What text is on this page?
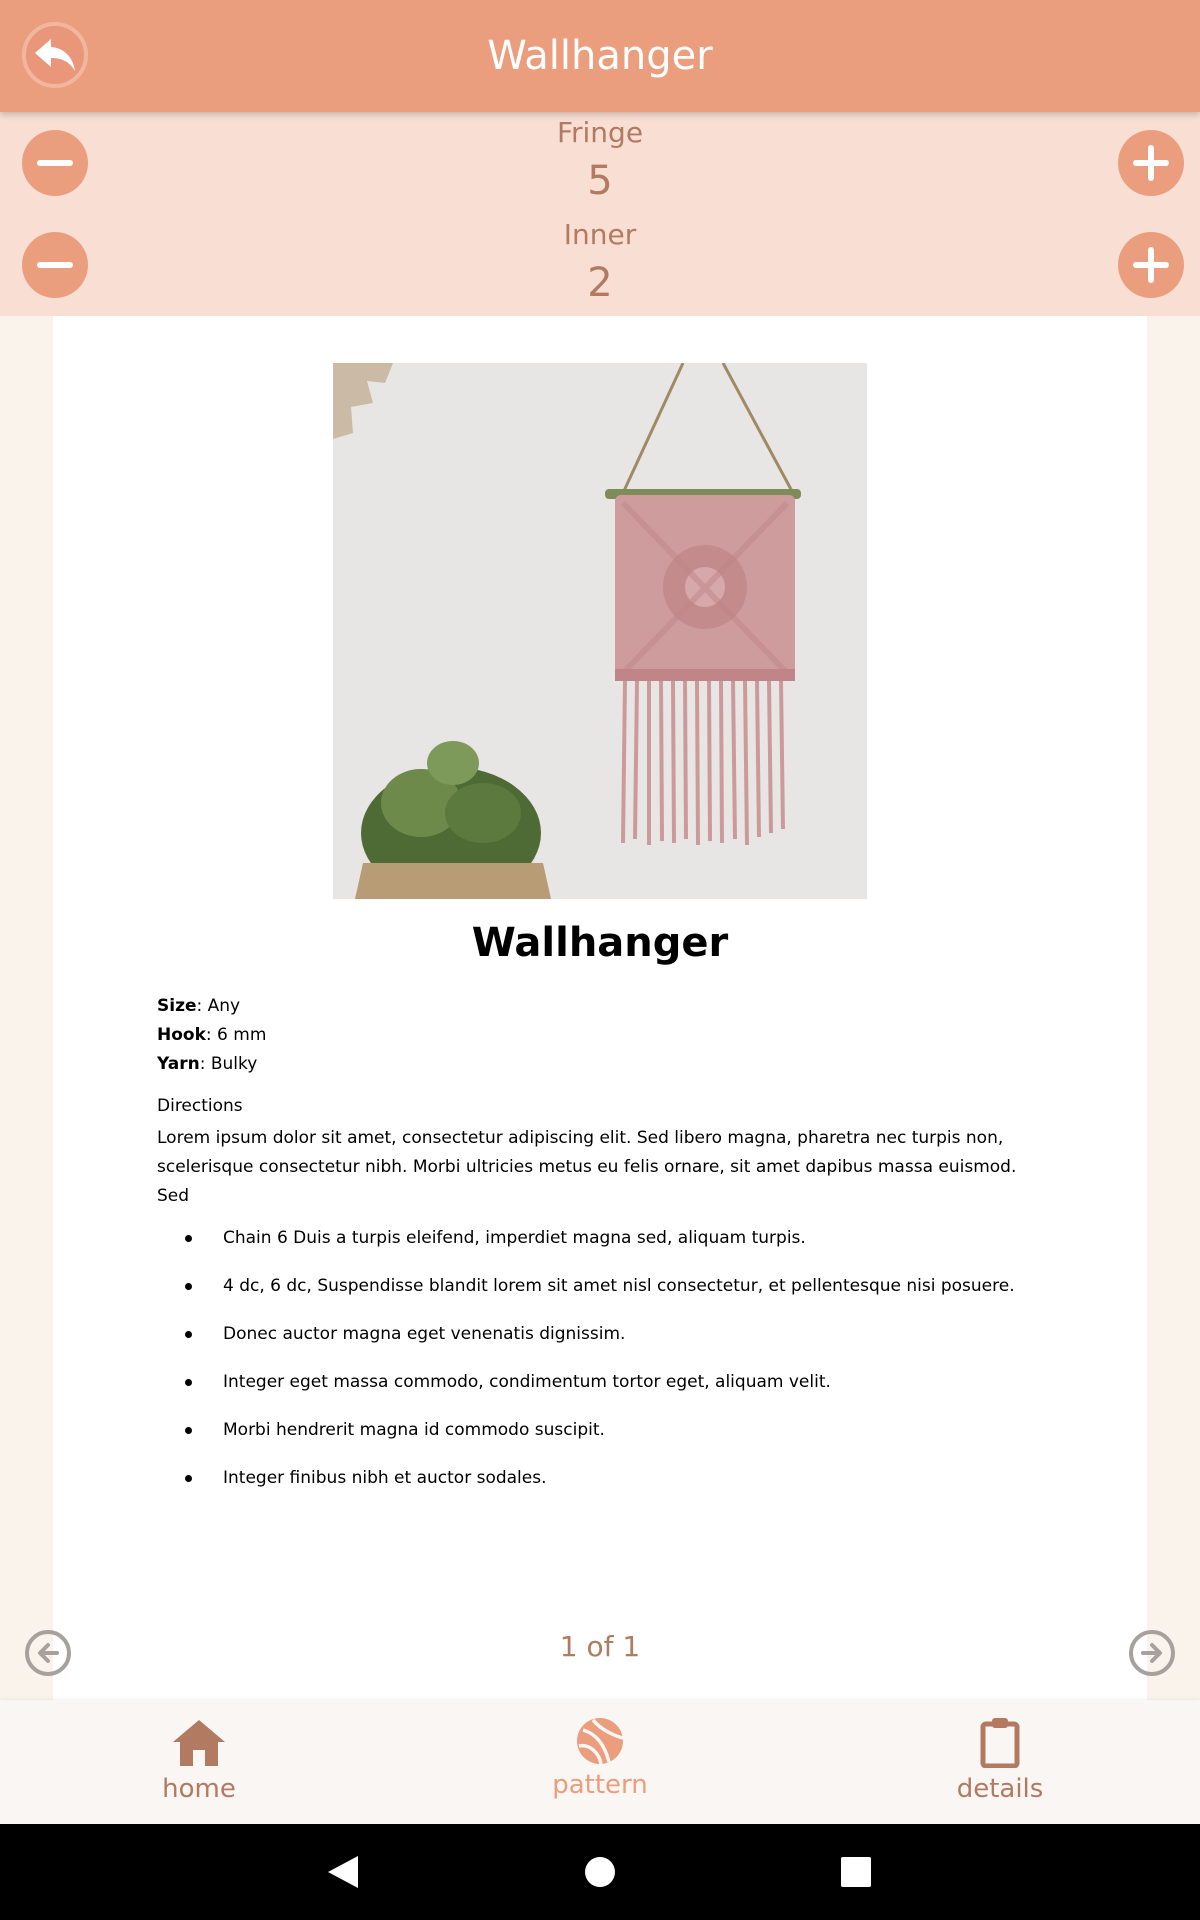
Wallhanger
Fringe
5
Inner
2
Wallhanger
Size: Any
Hook: 6 mm
Yarn: Bulky
Directions
Lorem ipsum dolor sit amet, consectetur adipiscing elit. Sed libero magna, pharetra nec turpis non, scelerisque consectetur nibh. Morbi ultricies metus eu felis ornare, sit amet dapibus massa euismod. Sed
Chain 6 Duis a turpis eleifend, imperdiet magna sed, aliquam turpis.
4 dc, 6 dc, Suspendisse blandit lorem sit amet nisl consectetur, et pellentesque nisi posuere.
Donec auctor magna eget venenatis dignissim.
Integer eget massa commodo, condimentum tortor eget, aliquam velit.
Morbi hendrerit magna id commodo suscipit.
Integer finibus nibh et auctor sodales.
1 of 1
home	pattern	details
